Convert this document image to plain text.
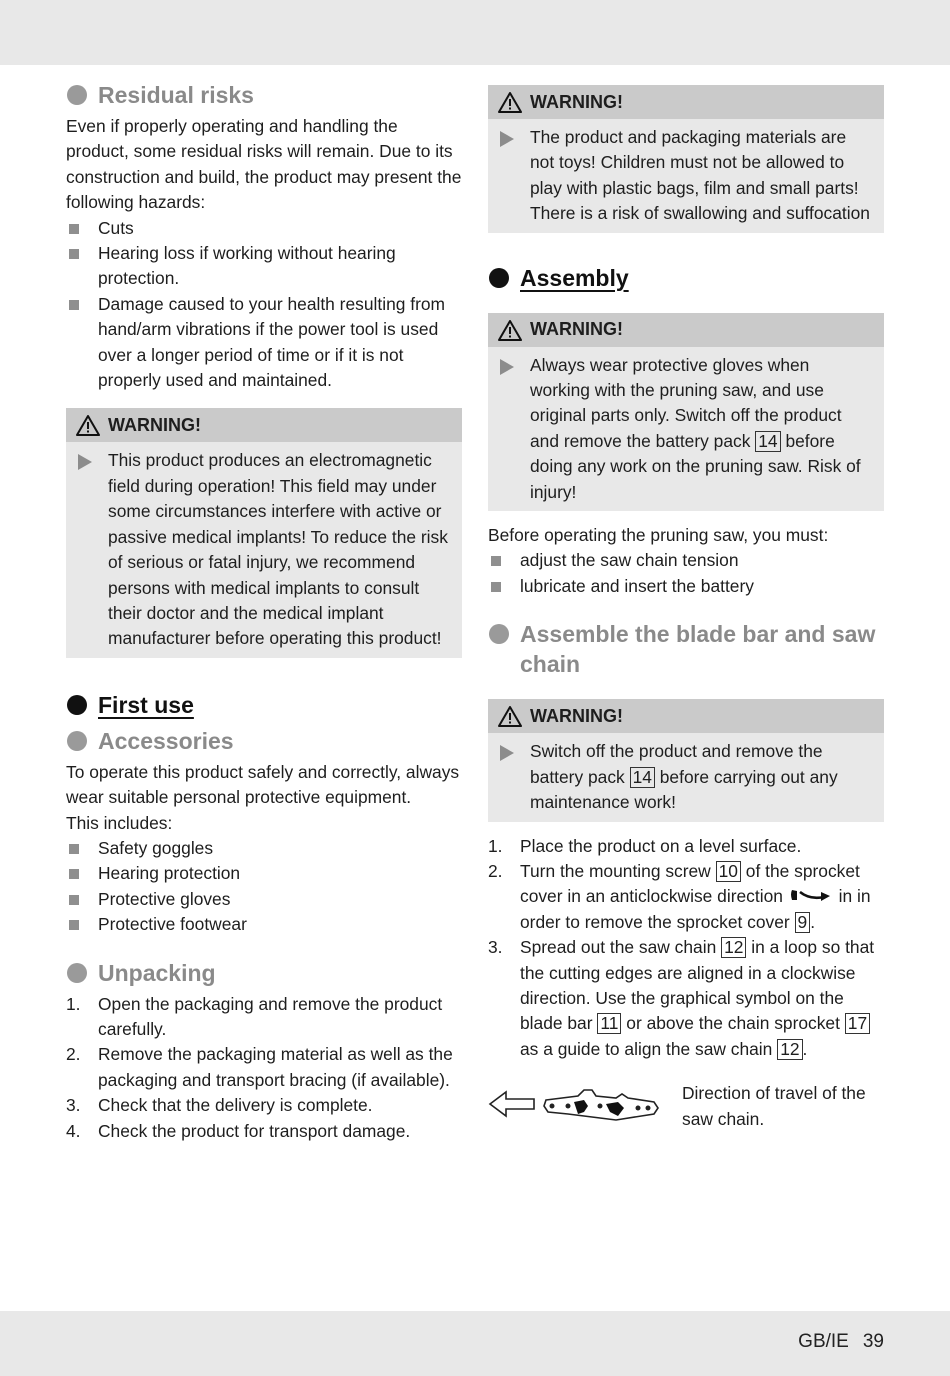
Residual risks

Even if properly operating and handling the product, some residual risks will remain. Due to its construction and build, the product may present the following hazards:

Cuts
Hearing loss if working without hearing protection.
Damage caused to your health resulting from hand/arm vibrations if the power tool is used over a longer period of time or if it is not properly used and maintained.
WARNING!

This product produces an electromagnetic field during operation! This field may under some circumstances interfere with active or passive medical implants! To reduce the risk of serious or fatal injury, we recommend persons with medical implants to consult their doctor and the medical implant manufacturer before operating this product!

First use
Accessories

To operate this product safely and correctly, always wear suitable personal protective equipment.

This includes:

Safety goggles
Hearing protection
Protective gloves
Protective footwear
Unpacking
1. Open the packaging and remove the product carefully.
2. Remove the packaging material as well as the packaging and transport bracing (if available).
3. Check that the delivery is complete.
4. Check the product for transport damage.
WARNING!

The product and packaging materials are not toys! Children must not be allowed to play with plastic bags, film and small parts! There is a risk of swallowing and suffocation

Assembly
WARNING!

Always wear protective gloves when working with the pruning saw, and use original parts only. Switch off the product and remove the battery pack 14 before doing any work on the pruning saw. Risk of injury!

Before operating the pruning saw, you must:

adjust the saw chain tension
lubricate and insert the battery
Assemble the blade bar and saw chain
WARNING!

Switch off the product and remove the battery pack 14 before carrying out any maintenance work!

1. Place the product on a level surface.
2. Turn the mounting screw 10 of the sprocket cover in an anticlockwise direction	in in order to remove the sprocket cover 9 .
3. Spread out the saw chain 12 in a loop so that the cutting edges are aligned in a clockwise direction. Use the graphical symbol on the blade bar 11 or above the chain sprocket 17 as a guide to align the saw chain 12 .

Direction of travel of the saw chain.

GB/IE 39
